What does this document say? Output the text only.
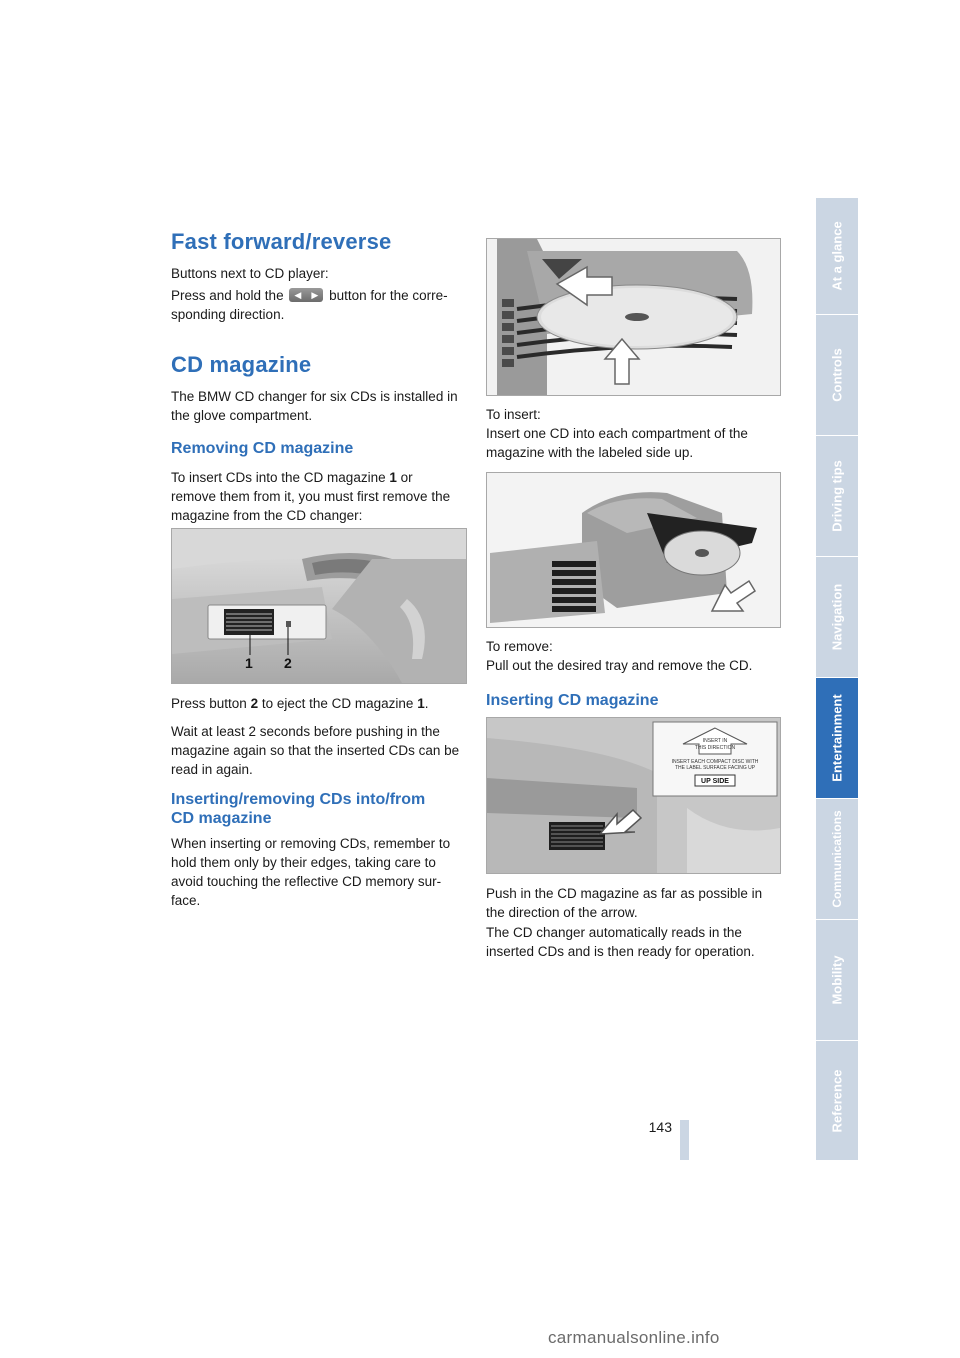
At a glance
Controls
Driving tips
Navigation
Entertainment
Communications
Mobility
Reference
Fast forward/reverse

Buttons next to CD player:

Press and hold the ◀ ▶ button for the corre-

sponding direction.

CD magazine

The BMW CD changer for six CDs is installed in

the glove compartment.

Removing CD magazine

To insert CDs into the CD magazine 1 or

remove them from it, you must first remove the

magazine from the CD changer:

1 2

Press button 2 to eject the CD magazine 1.

Wait at least 2 seconds before pushing in the

magazine again so that the inserted CDs can be

read in again.

Inserting/removing CDs into/from
CD magazine

When inserting or removing CDs, remember to

hold them only by their edges, taking care to

avoid touching the reflective CD memory sur-

face.

To insert:

Insert one CD into each compartment of the

magazine with the labeled side up.

To remove:

Pull out the desired tray and remove the CD.

Inserting CD magazine
INSERT IN
THIS DIRECTION
INSERT EACH COMPACT DISC WITH
THE LABEL SURFACE FACING UP
UP SIDE

Push in the CD magazine as far as possible in

the direction of the arrow.

The CD changer automatically reads in the

inserted CDs and is then ready for operation.

143
carmanualsonline.info
